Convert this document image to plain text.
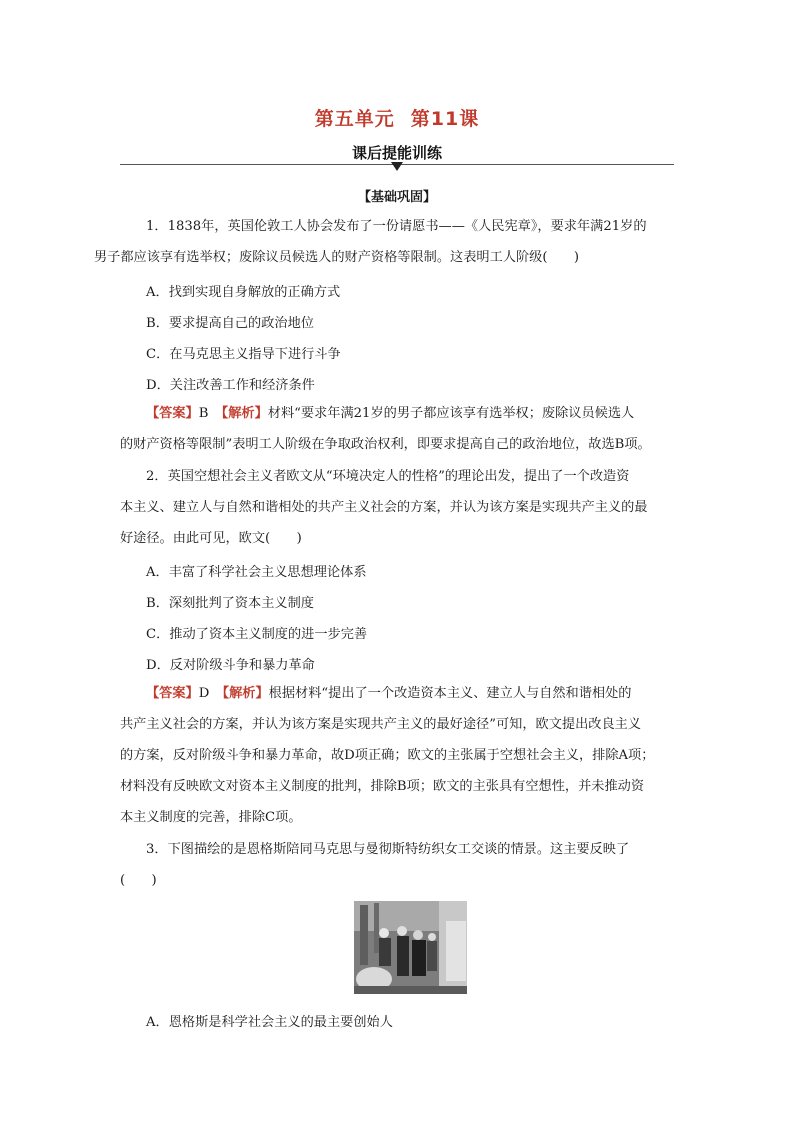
第五单元 第11课
课后提能训练
【基础巩固】
1．1838年，英国伦敦工人协会发布了一份请愿书——《人民宪章》，要求年满21岁的
男子都应该享有选举权；废除议员候选人的财产资格等限制。这表明工人阶级(　　)
A．找到实现自身解放的正确方式
B．要求提高自己的政治地位
C．在马克思主义指导下进行斗争
D．关注改善工作和经济条件
【答案】B　 【解析】材料“要求年满21岁的男子都应该享有选举权；废除议员候选人
的财产资格等限制”表明工人阶级在争取政治权利，即要求提高自己的政治地位，故选B项。
2．英国空想社会主义者欧文从“环境决定人的性格”的理论出发，提出了一个改造资
本主义、建立人与自然和谐相处的共产主义社会的方案，并认为该方案是实现共产主义的最
好途径。由此可见，欧文(　　)
A．丰富了科学社会主义思想理论体系
B．深刻批判了资本主义制度
C．推动了资本主义制度的进一步完善
D．反对阶级斗争和暴力革命
【答案】D　 【解析】根据材料“提出了一个改造资本主义、建立人与自然和谐相处的
共产主义社会的方案，并认为该方案是实现共产主义的最好途径”可知，欧文提出改良主义
的方案，反对阶级斗争和暴力革命，故D项正确；欧文的主张属于空想社会主义，排除A项；
材料没有反映欧文对资本主义制度的批判，排除B项；欧文的主张具有空想性，并未推动资
本主义制度的完善，排除C项。
3．下图描绘的是恩格斯陪同马克思与曼彻斯特纺织女工交谈的情景。这主要反映了
(　　)
A．恩格斯是科学社会主义的最主要创始人
